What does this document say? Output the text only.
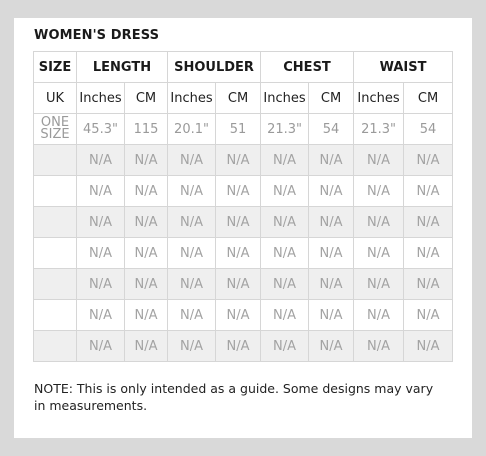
WOMEN'S DRESS
SIZE	LENGTH		SHOULDER		CHEST		WAIST	
UK	Inches	CM	Inches	CM	Inches	CM	Inches	CM
ONE
SIZE	45.3"	115	20.1"	51	21.3"	54	21.3"	54
	N/A	N/A	N/A	N/A	N/A	N/A	N/A	N/A
	N/A	N/A	N/A	N/A	N/A	N/A	N/A	N/A
	N/A	N/A	N/A	N/A	N/A	N/A	N/A	N/A
	N/A	N/A	N/A	N/A	N/A	N/A	N/A	N/A
	N/A	N/A	N/A	N/A	N/A	N/A	N/A	N/A
	N/A	N/A	N/A	N/A	N/A	N/A	N/A	N/A
	N/A	N/A	N/A	N/A	N/A	N/A	N/A	N/A
NOTE: This is only intended as a guide. Some designs may vary in measurements.
